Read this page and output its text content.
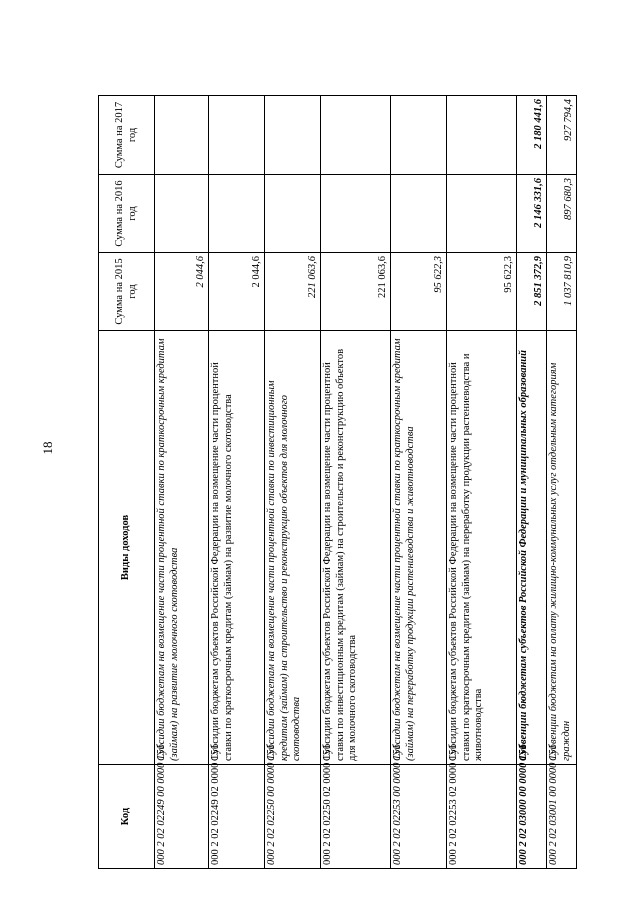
18
Код	Виды доходов	Сумма на 2015 год	Сумма на 2016 год	Сумма на 2017 год
000 2 02 02249 00 0000 151	Субсидии бюджетам на возмещение части процентной ставки по краткосрочным кредитам (займам) на развитие молочного скотоводства	2 044,6		
000 2 02 02249 02 0000 151	Субсидии бюджетам субъектов Российской Федерации на возмещение части процентной ставки по краткосрочным кредитам (займам) на развитие молочного скотоводства	2 044,6		
000 2 02 02250 00 0000 151	Субсидии бюджетам на возмещение части процентной ставки по инвестиционным кредитам (займам) на строительство и реконструкцию объектов для молочного скотоводства	221 063,6		
000 2 02 02250 02 0000 151	Субсидии бюджетам субъектов Российской Федерации на возмещение части процентной ставки по инвестиционным кредитам (займам) на строительство и реконструкцию объектов для молочного скотоводства	221 063,6		
000 2 02 02253 00 0000 151	Субсидии бюджетам на возмещение части процентной ставки по краткосрочным кредитам (займам) на переработку продукции растениеводства и животноводства	95 622,3		
000 2 02 02253 02 0000 151	Субсидии бюджетам субъектов Российской Федерации на возмещение части процентной ставки по краткосрочным кредитам (займам) на переработку продукции растениеводства и животноводства	95 622,3		
000 2 02 03000 00 0000 151	Субвенции бюджетам субъектов Российской Федерации и муниципальных образований	2 851 372,9	2 146 331,6	2 180 441,6
000 2 02 03001 00 0000 151	Субвенции бюджетам на оплату жилищно-коммунальных услуг отдельным категориям граждан	1 037 810,9	897 680,3	927 794,4
